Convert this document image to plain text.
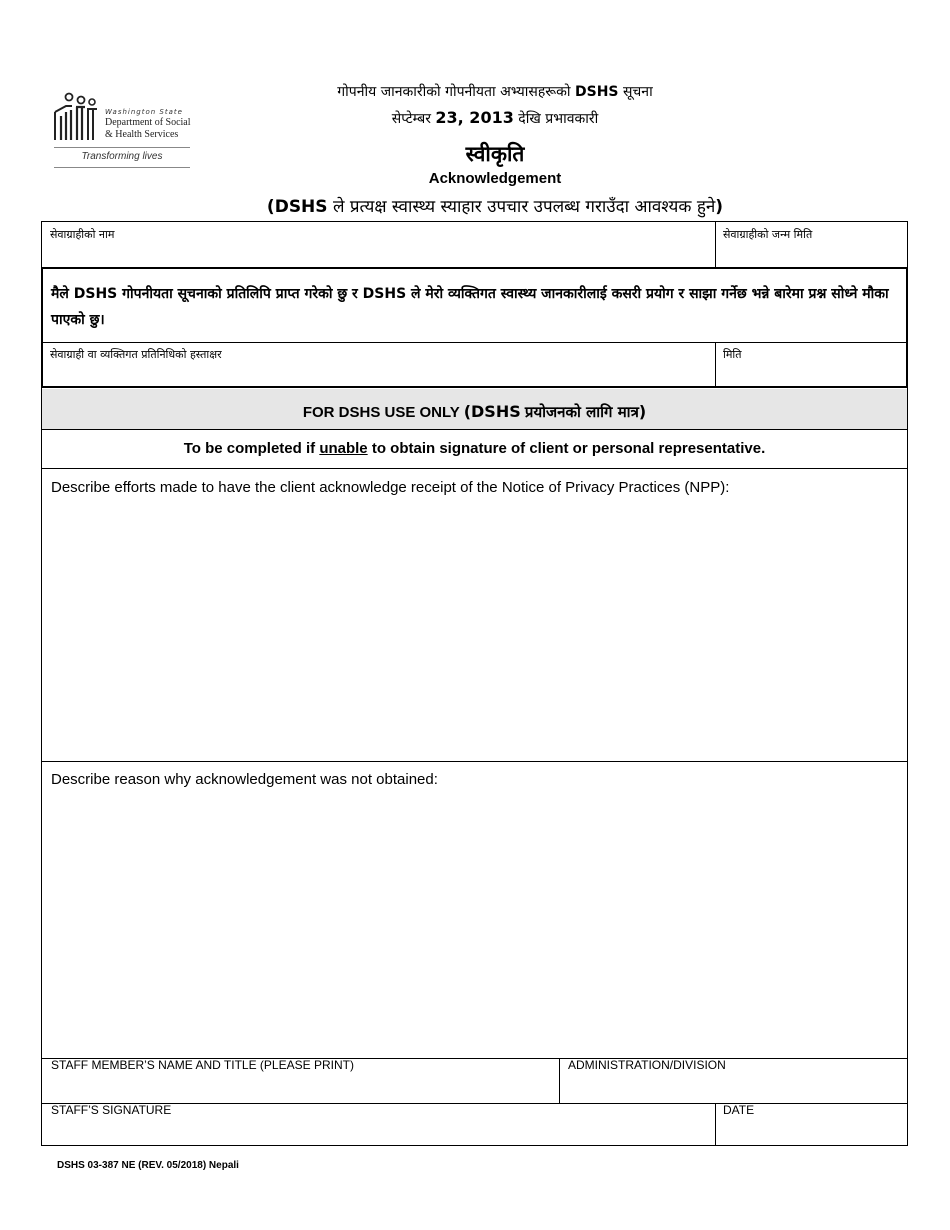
Washington State
Department of Social
& Health Services
Transforming lives
गोपनीय जानकारीको गोपनीयता अभ्यासहरूको DSHS सूचना
सेप्टेम्बर 23, 2013 देखि प्रभावकारी
स्वीकृति
Acknowledgement
(DSHS ले प्रत्यक्ष स्वास्थ्य स्याहार उपचार उपलब्ध गराउँदा आवश्यक हुने)
सेवाग्राहीको नाम	सेवाग्राहीको जन्म मिति
मैले DSHS गोपनीयता सूचनाको प्रतिलिपि प्राप्त गरेको छु र DSHS ले मेरो व्यक्तिगत स्वास्थ्य जानकारीलाई कसरी प्रयोग र साझा गर्नेछ भन्ने बारेमा प्रश्न सोध्ने मौका पाएको छु।
सेवाग्राही वा व्यक्तिगत प्रतिनिधिको हस्ताक्षर	मिति
FOR DSHS USE ONLY (DSHS प्रयोजनको लागि मात्र)
To be completed if unable to obtain signature of client or personal representative.
Describe efforts made to have the client acknowledge receipt of the Notice of Privacy Practices (NPP):
Describe reason why acknowledgement was not obtained:
STAFF MEMBER’S NAME AND TITLE (PLEASE PRINT)	ADMINISTRATION/DIVISION
STAFF’S SIGNATURE	DATE
DSHS 03-387 NE (REV. 05/2018) Nepali
